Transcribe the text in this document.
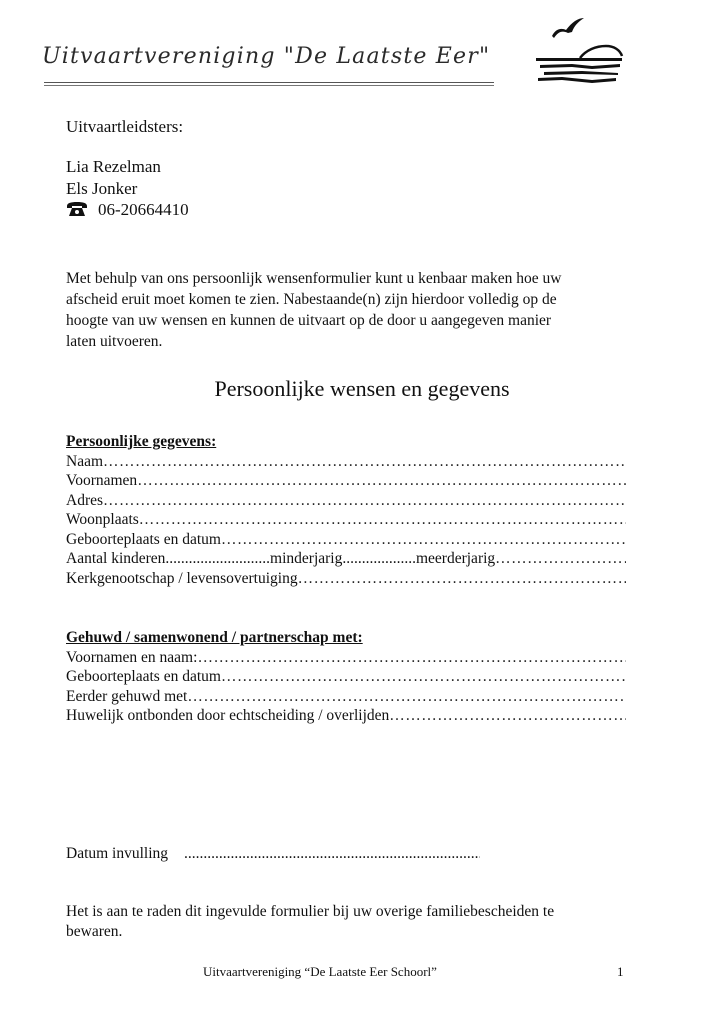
Uitvaartvereniging "De Laatste Eer"
Uitvaartleidsters:
Lia Rezelman
Els Jonker
06-20664410

Met behulp van ons persoonlijk wensenformulier kunt u kenbaar maken hoe uw

afscheid eruit moet komen te zien. Nabestaande(n) zijn hierdoor volledig op de

hoogte van uw wensen en kunnen de uitvaart op de door u aangegeven manier

laten uitvoeren.

Persoonlijke wensen en gegevens
Persoonlijke gegevens:
Naam
……………………………………………………………………………………………………………………………………………………………………
Voornamen
……………………………………………………………………………………………………………………………………………………………………
Adres
……………………………………………………………………………………………………………………………………………………………………
Woonplaats
……………………………………………………………………………………………………………………………………………………………………
Geboorteplaats en datum
……………………………………………………………………………………………………………………………………………………………………
Aantal kinderen ........................... minderjarig ................... meerderjarig
……………………………………………………………………………………………………………………………………………………………………
Kerkgenootschap / levensovertuiging
……………………………………………………………………………………………………………………………………………………………………
Gehuwd / samenwonend / partnerschap met:
Voornamen en naam:
……………………………………………………………………………………………………………………………………………………………………
Geboorteplaats en datum
……………………………………………………………………………………………………………………………………………………………………
Eerder gehuwd met
……………………………………………………………………………………………………………………………………………………………………
Huwelijk ontbonden door echtscheiding / overlijden
……………………………………………………………………………………………………………………………………………………………………
Datum invulling.....

Het is aan te raden dit ingevulde formulier bij uw overige familiebescheiden te

bewaren.

Uitvaartvereniging “De Laatste Eer Schoorl”	1
